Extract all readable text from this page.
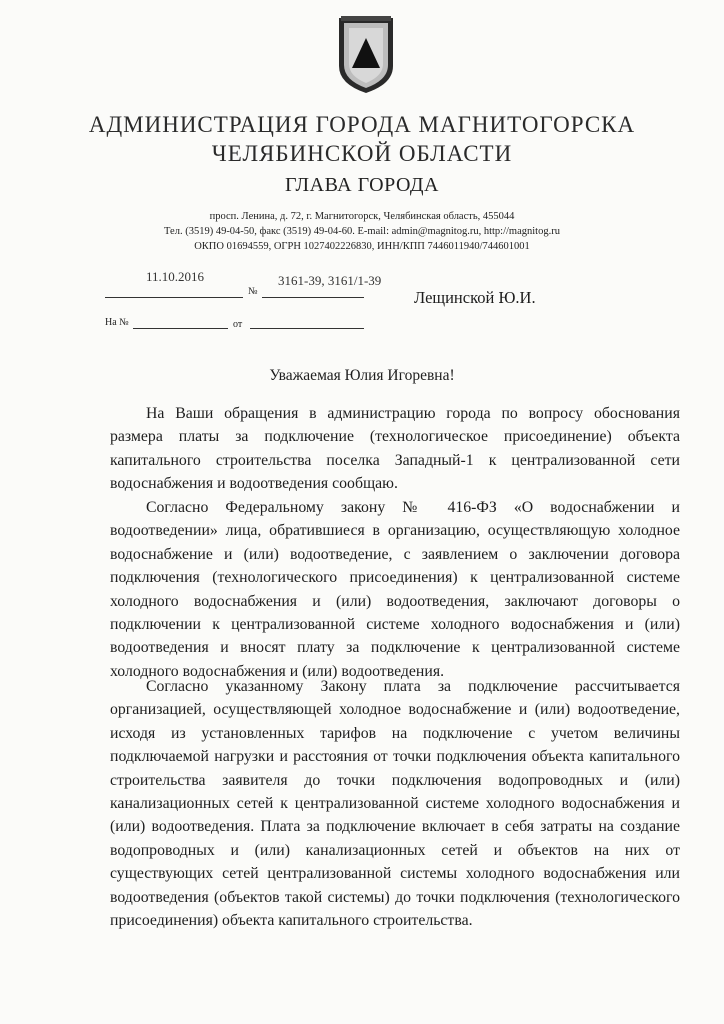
АДМИНИСТРАЦИЯ ГОРОДА МАГНИТОГОРСКА
ЧЕЛЯБИНСКОЙ ОБЛАСТИ
ГЛАВА ГОРОДА
просп. Ленина, д. 72, г. Магнитогорск, Челябинская область, 455044
Тел. (3519) 49-04-50, факс (3519) 49-04-60. E-mail: admin@magnitog.ru, http://magnitog.ru
ОКПО 01694559, ОГРН 1027402226830, ИНН/КПП 7446011940/744601001
11.10.2016
№
3161-39, 3161/1-39
На №	от
Лещинской Ю.И.
Уважаемая Юлия Игоревна!

На Ваши обращения в администрацию города по вопросу обоснования размера платы за подключение (технологическое присоединение) объекта капитального строительства поселка Западный-1 к централизованной сети водоснабжения и водоотведения сообщаю.

Согласно Федеральному закону № 416-ФЗ «О водоснабжении и водоотведении» лица, обратившиеся в организацию, осуществляющую холодное водоснабжение и (или) водоотведение, с заявлением о заключении договора подключения (технологического присоединения) к централизованной системе холодного водоснабжения и (или) водоотведения, заключают договоры о подключении к централизованной системе холодного водоснабжения и (или) водоотведения и вносят плату за подключение к централизованной системе холодного водоснабжения и (или) водоотведения.

Согласно указанному Закону плата за подключение рассчитывается организацией, осуществляющей холодное водоснабжение и (или) водоотведение, исходя из установленных тарифов на подключение с учетом величины подключаемой нагрузки и расстояния от точки подключения объекта капитального строительства заявителя до точки подключения водопроводных и (или) канализационных сетей к централизованной системе холодного водоснабжения и (или) водоотведения. Плата за подключение включает в себя затраты на создание водопроводных и (или) канализационных сетей и объектов на них от существующих сетей централизованной системы холодного водоснабжения или водоотведения (объектов такой системы) до точки подключения (технологического присоединения) объекта капитального строительства.
